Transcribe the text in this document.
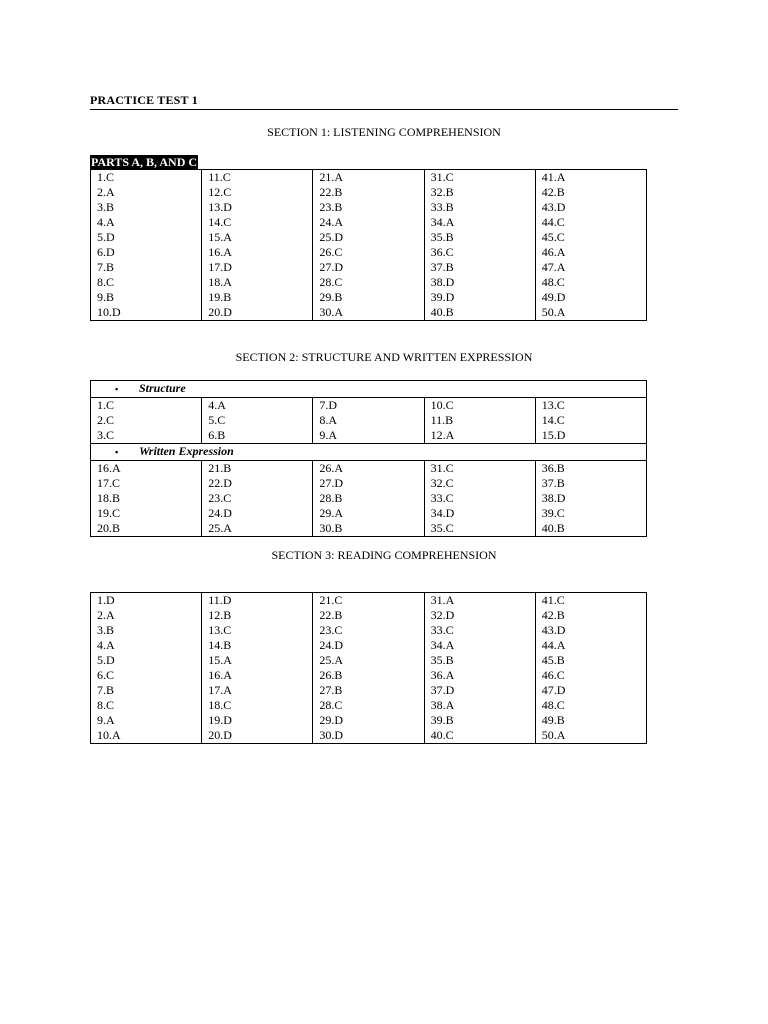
PRACTICE TEST 1
SECTION 1: LISTENING COMPREHENSION
PARTS A, B, AND C
1.C	11.C	21.A	31.C	41.A
2.A	12.C	22.B	32.B	42.B
3.B	13.D	23.B	33.B	43.D
4.A	14.C	24.A	34.A	44.C
5.D	15.A	25.D	35.B	45.C
6.D	16.A	26.C	36.C	46.A
7.B	17.D	27.D	37.B	47.A
8.C	18.A	28.C	38.D	48.C
9.B	19.B	29.B	39.D	49.D
10.D	20.D	30.A	40.B	50.A
SECTION 2: STRUCTURE AND WRITTEN EXPRESSION
▪ Structure				
1.C	4.A	7.D	10.C	13.C
2.C	5.C	8.A	11.B	14.C
3.C	6.B	9.A	12.A	15.D
▪ Written Expression				
16.A	21.B	26.A	31.C	36.B
17.C	22.D	27.D	32.C	37.B
18.B	23.C	28.B	33.C	38.D
19.C	24.D	29.A	34.D	39.C
20.B	25.A	30.B	35.C	40.B
SECTION 3: READING COMPREHENSION
1.D	11.D	21.C	31.A	41.C
2.A	12.B	22.B	32.D	42.B
3.B	13.C	23.C	33.C	43.D
4.A	14.B	24.D	34.A	44.A
5.D	15.A	25.A	35.B	45.B
6.C	16.A	26.B	36.A	46.C
7.B	17.A	27.B	37.D	47.D
8.C	18.C	28.C	38.A	48.C
9.A	19.D	29.D	39.B	49.B
10.A	20.D	30.D	40.C	50.A
